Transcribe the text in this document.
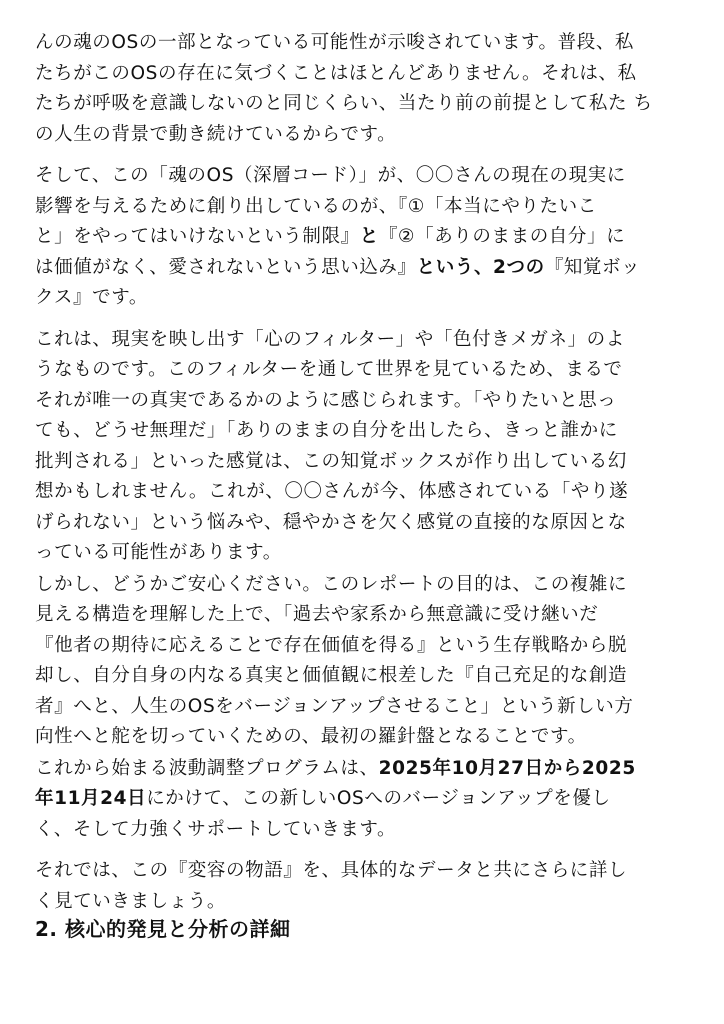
んの魂のOSの一部となっている可能性が示唆されています。普段、私
たちがこのOSの存在に気づくことはほとんどありません。それは、私
たちが呼吸を意識しないのと同じくらい、当たり前の前提として私た ち
の人生の背景で動き続けているからです。
そして、この「魂のOS（深層コード）」が、〇〇さんの現在の現実に
影響を与えるために創り出しているのが、『①「本当にやりたいこ
と」をやってはいけないという制限』と『②「ありのままの自分」に
は価値がなく、愛されないという思い込み』という、2つの『知覚ボッ
クス』です。
これは、現実を映し出す「心のフィルター」や「色付きメガネ」のよ
うなものです。このフィルターを通して世界を見ているため、まるで
それが唯一の真実であるかのように感じられます。「やりたいと思っ
ても、どうせ無理だ」「ありのままの自分を出したら、きっと誰かに
批判される」といった感覚は、この知覚ボックスが作り出している幻
想かもしれません。これが、〇〇さんが今、体感されている「やり遂
げられない」という悩みや、穏やかさを欠く感覚の直接的な原因とな
っている可能性があります。
しかし、どうかご安心ください。このレポートの目的は、この複雑に
見える構造を理解した上で、「過去や家系から無意識に受け継いだ
『他者の期待に応えることで存在価値を得る』という生存戦略から脱
却し、自分自身の内なる真実と価値観に根差した『自己充足的な創造
者』へと、人生のOSをバージョンアップさせること」という新しい方
向性へと舵を切っていくための、最初の羅針盤となることです。
これから始まる波動調整プログラムは、2025年10月27日から2025
年11月24日にかけて、この新しいOSへのバージョンアップを優し
く、そして力強くサポートしていきます。
それでは、この『変容の物語』を、具体的なデータと共にさらに詳し
く見ていきましょう。
2. 核心的発見と分析の詳細
